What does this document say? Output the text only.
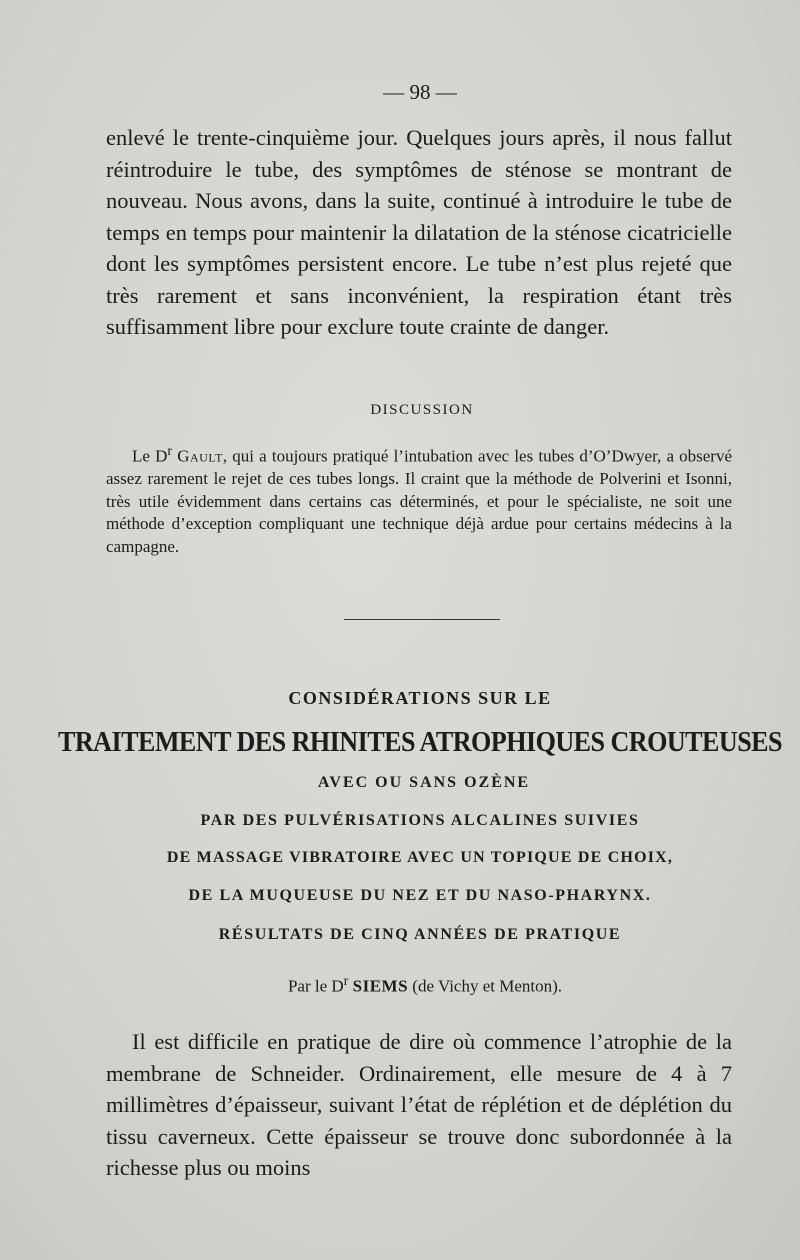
— 98 —

enlevé le trente-cinquième jour. Quelques jours après, il nous fallut réintroduire le tube, des symptômes de sténose se montrant de nouveau. Nous avons, dans la suite, continué à introduire le tube de temps en temps pour maintenir la dilatation de la sténose cicatricielle dont les symptômes persistent encore. Le tube n’est plus rejeté que très rarement et sans inconvénient, la respiration étant très suffisamment libre pour exclure toute crainte de danger.

DISCUSSION

Le $D^r$ Gault, qui a toujours pratiqué l’intubation avec les tubes d’O’Dwyer, a observé assez rarement le rejet de ces tubes longs. Il craint que la méthode de Polverini et Isonni, très utile évidemment dans certains cas déterminés, et pour le spécialiste, ne soit une méthode d’exception compliquant une technique déjà ardue pour certains médecins à la campagne.

CONSIDÉRATIONS SUR LE
TRAITEMENT DES RHINITES ATROPHIQUES CROUTEUSES
AVEC OU SANS OZÈNE
PAR DES PULVÉRISATIONS ALCALINES SUIVIES
DE MASSAGE VIBRATOIRE AVEC UN TOPIQUE DE CHOIX,
DE LA MUQUEUSE DU NEZ ET DU NASO-PHARYNX.
RÉSULTATS DE CINQ ANNÉES DE PRATIQUE
Par le $D^r$ SIEMS (de Vichy et Menton).

Il est difficile en pratique de dire où commence l’atrophie de la membrane de Schneider. Ordinairement, elle mesure de 4 à 7 millimètres d’épaisseur, suivant l’état de réplétion et de déplétion du tissu caverneux. Cette épaisseur se trouve donc subordonnée à la richesse plus ou moins
